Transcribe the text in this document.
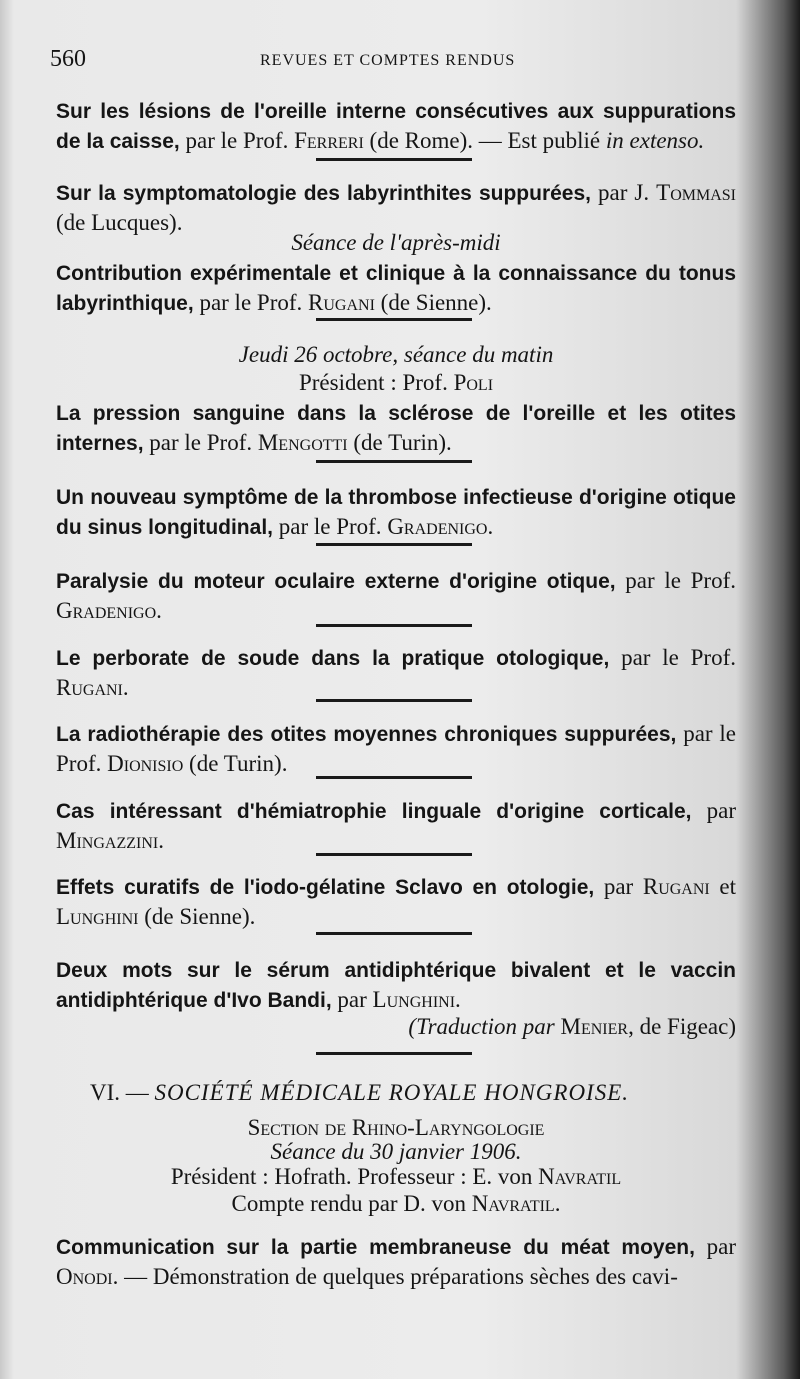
560	REVUES ET COMPTES RENDUS
Sur les lésions de l'oreille interne consécutives aux suppurations de la caisse, par le Prof. Ferreri (de Rome). — Est publié in extenso.
Sur la symptomatologie des labyrinthites suppurées, par J. Tommasi (de Lucques).
Séance de l'après-midi
Contribution expérimentale et clinique à la connaissance du tonus labyrinthique, par le Prof. Rugani (de Sienne).
Jeudi 26 octobre, séance du matin
Président : Prof. Poli
La pression sanguine dans la sclérose de l'oreille et les otites internes, par le Prof. Mengotti (de Turin).
Un nouveau symptôme de la thrombose infectieuse d'origine otique du sinus longitudinal, par le Prof. Gradenigo.
Paralysie du moteur oculaire externe d'origine otique, par le Prof. Gradenigo.
Le perborate de soude dans la pratique otologique, par le Prof. Rugani.
La radiothérapie des otites moyennes chroniques suppurées, par le Prof. Dionisio (de Turin).
Cas intéressant d'hémiatrophie linguale d'origine corticale, par Mingazzini.
Effets curatifs de l'iodo-gélatine Sclavo en otologie, par Rugani et Lunghini (de Sienne).
Deux mots sur le sérum antidiphtérique bivalent et le vaccin antidiphtérique d'Ivo Bandi, par Lunghini.
(Traduction par Menier, de Figeac)
VI. — SOCIÉTÉ MÉDICALE ROYALE HONGROISE.
Section de Rhino-Laryngologie
Séance du 30 janvier 1906.
Président : Hofrath. Professeur : E. von Navratil
Compte rendu par D. von Navratil.
Communication sur la partie membraneuse du méat moyen, par Onodi. — Démonstration de quelques préparations sèches des cavi-
